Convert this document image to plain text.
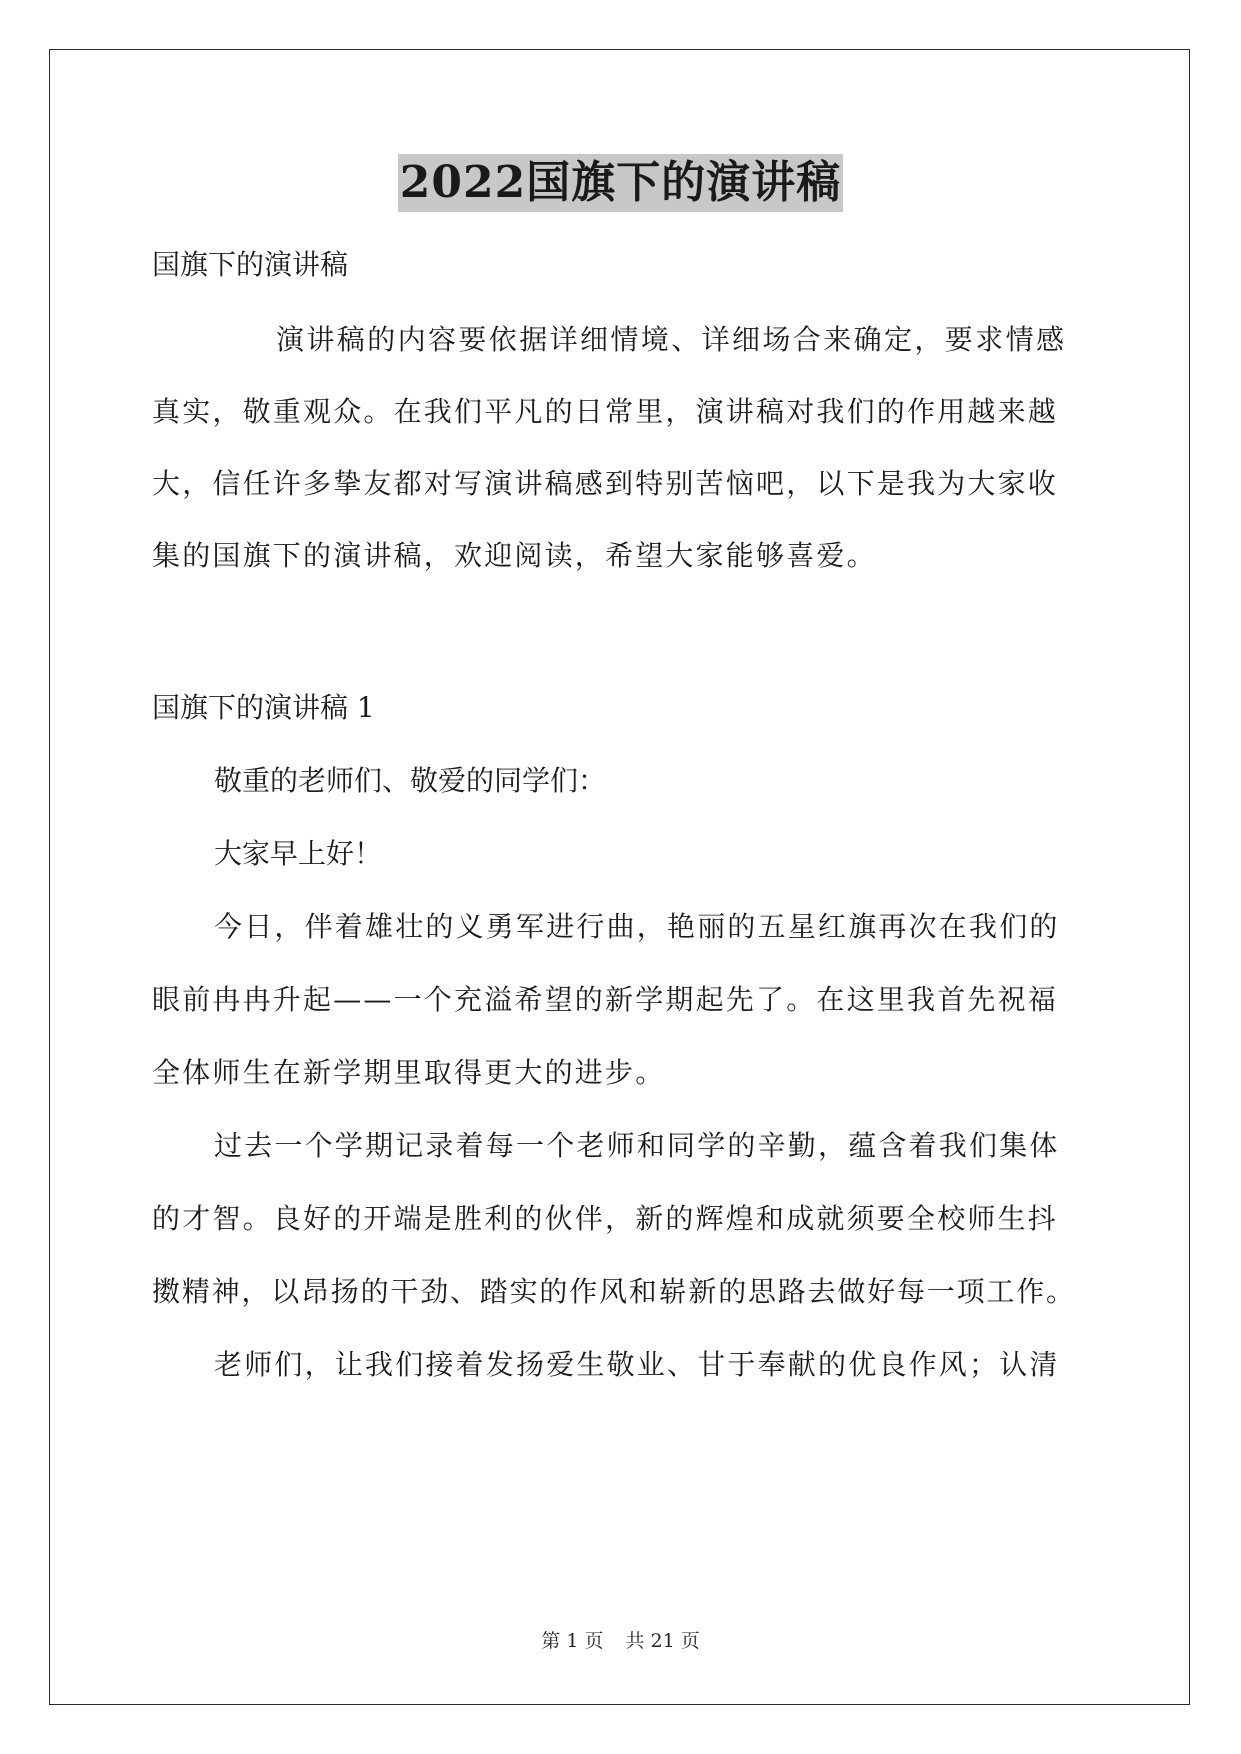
2022国旗下的演讲稿

国旗下的演讲稿

演讲稿的内容要依据详细情境、详细场合来确定，要求情感

真实，敬重观众。在我们平凡的日常里，演讲稿对我们的作用越来越

大，信任许多挚友都对写演讲稿感到特别苦恼吧，以下是我为大家收

集的国旗下的演讲稿，欢迎阅读，希望大家能够喜爱。

国旗下的演讲稿 1

敬重的老师们、敬爱的同学们：

大家早上好！

今日，伴着雄壮的义勇军进行曲，艳丽的五星红旗再次在我们的

眼前冉冉升起——一个充溢希望的新学期起先了。在这里我首先祝福

全体师生在新学期里取得更大的进步。

过去一个学期记录着每一个老师和同学的辛勤，蕴含着我们集体

的才智。良好的开端是胜利的伙伴，新的辉煌和成就须要全校师生抖

擞精神，以昂扬的干劲、踏实的作风和崭新的思路去做好每一项工作。

老师们，让我们接着发扬爱生敬业、甘于奉献的优良作风；认清

第 1 页 共 21 页
